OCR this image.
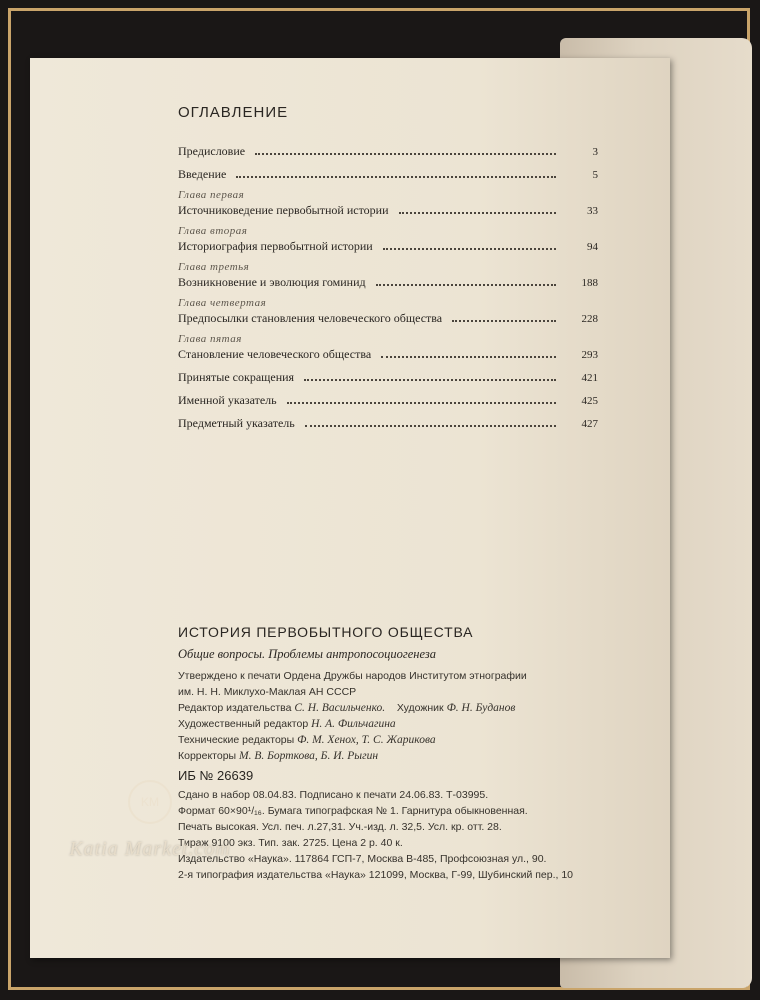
ОГЛАВЛЕНИЕ
Предисловие	3
Введение	5
Глава первая
Источниковедение первобытной истории	33
Глава вторая
Историография первобытной истории	94
Глава третья
Возникновение и эволюция гоминид	188
Глава четвертая
Предпосылки становления человеческого общества	228
Глава пятая
Становление человеческого общества	293
Принятые сокращения	421
Именной указатель	425
Предметный указатель	427
ИСТОРИЯ ПЕРВОБЫТНОГО ОБЩЕСТВА
Общие вопросы. Проблемы антропосоциогенеза
Утверждено к печати Ордена Дружбы народов Институтом этнографии
им. Н. Н. Миклухо-Маклая АН СССР
Редактор издательства С. Н. Васильченко. Художник Ф. Н. Буданов
Художественный редактор Н. А. Фильчагина
Технические редакторы Ф. М. Хенох, Т. С. Жарикова
Корректоры М. В. Борткова, Б. И. Рыгин
ИБ № 26639
Сдано в набор 08.04.83. Подписано к печати 24.06.83. Т-03995.
Формат 60×90¹/₁₆. Бумага типографская № 1. Гарнитура обыкновенная.
Печать высокая. Усл. печ. л.27,31. Уч.-изд. л. 32,5. Усл. кр. отт. 28.
Тираж 9100 экз. Тип. зак. 2725. Цена 2 р. 40 к.
Издательство «Наука». 117864 ГСП-7, Москва В-485, Профсоюзная ул., 90.
2-я типография издательства «Наука» 121099, Москва, Г-99, Шубинский пер., 10
KM
Katia Market.com
